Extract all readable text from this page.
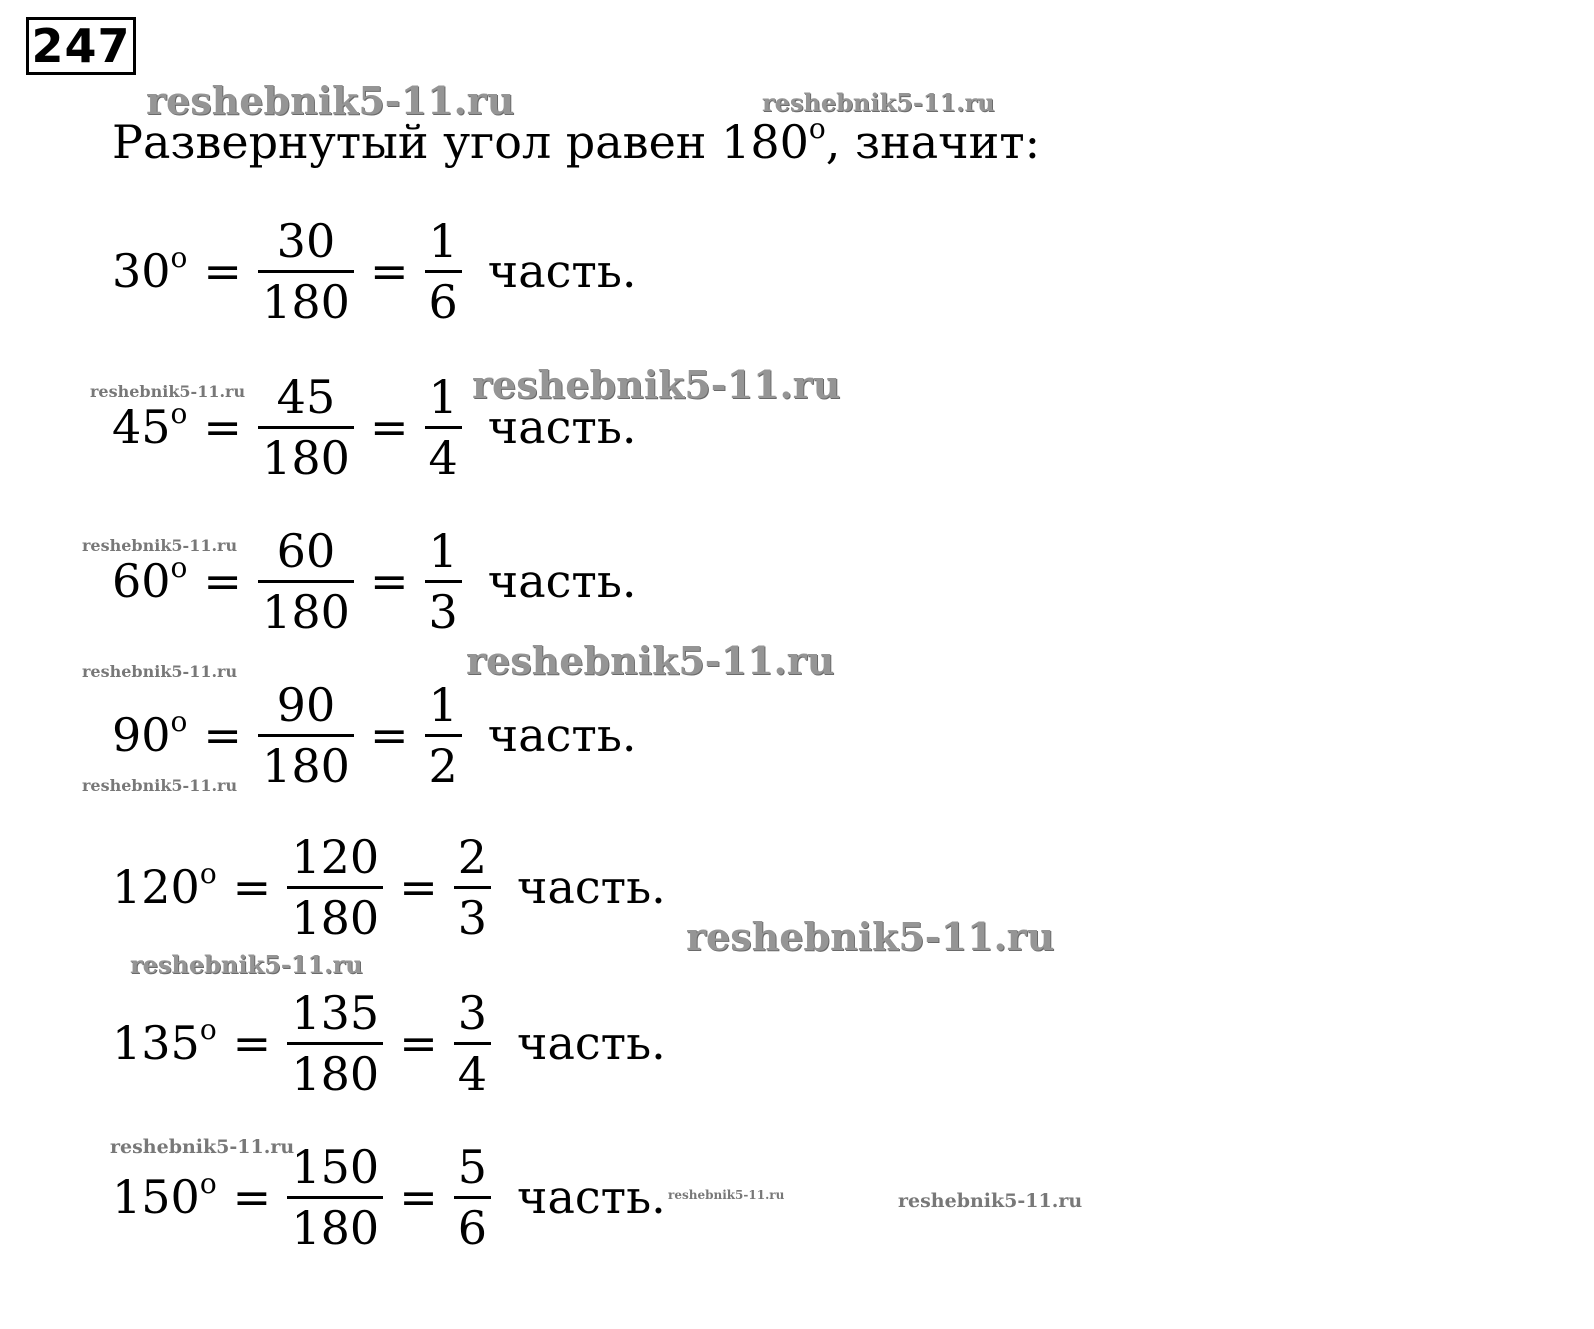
247
Развернутый угол равен $180^о$, значит:
$30^о = \frac{30}{180} = \frac{1}{6}$ часть.
$45^о = \frac{45}{180} = \frac{1}{4}$ часть.
$60^о = \frac{60}{180} = \frac{1}{3}$ часть.
$90^о = \frac{90}{180} = \frac{1}{2}$ часть.
$120^о = \frac{120}{180} = \frac{2}{3}$ часть.
$135^о = \frac{135}{180} = \frac{3}{4}$ часть.
$150^о = \frac{150}{180} = \frac{5}{6}$ часть.
reshebnik5-11.ru	reshebnik5-11.ru
reshebnik5-11.ru	reshebnik5-11.ru
reshebnik5-11.ru
reshebnik5-11.ru	reshebnik5-11.ru
reshebnik5-11.ru
reshebnik5-11.ru
reshebnik5-11.ru
reshebnik5-11.ru
reshebnik5-11.ru	reshebnik5-11.ru
